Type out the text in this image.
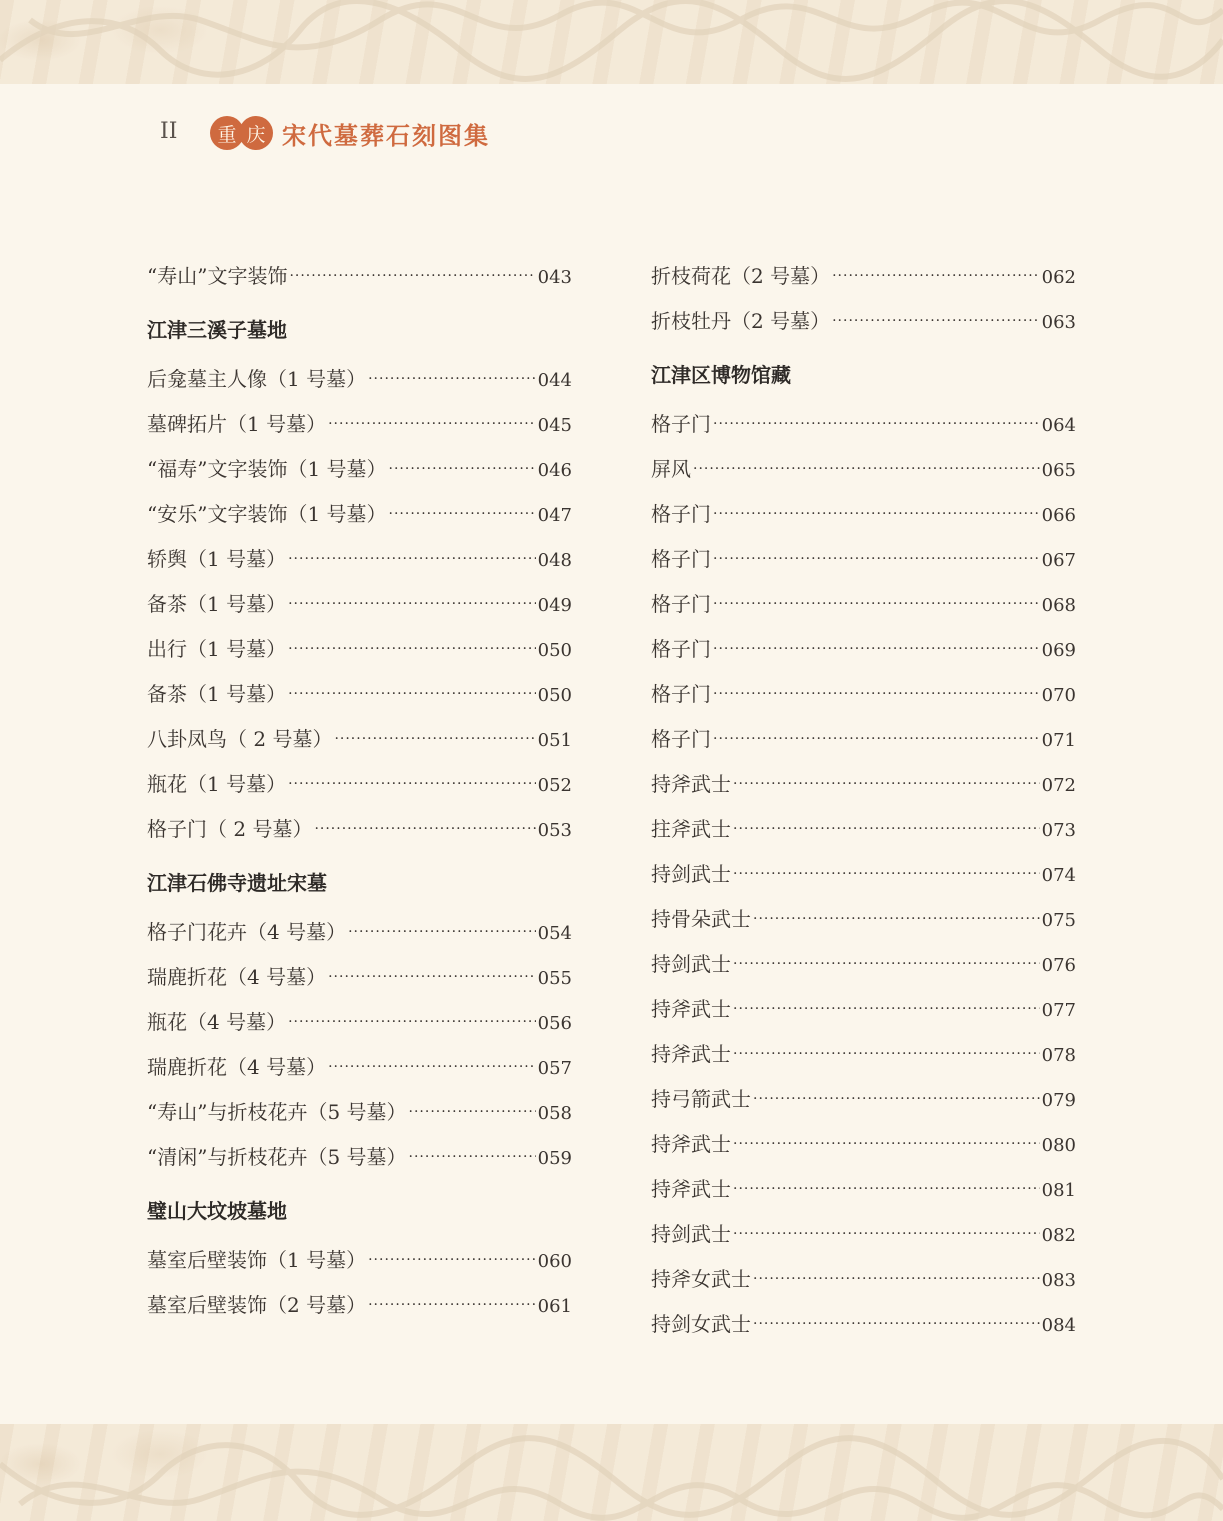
II	重 庆 宋代墓葬石刻图集
“寿山”文字装饰 ·····	043
江津三溪子墓地
后龛墓主人像（1 号墓） ·····	044
墓碑拓片（1 号墓） ·····	045
“福寿”文字装饰（1 号墓） ·····	046
“安乐”文字装饰（1 号墓） ·····	047
轿舆（1 号墓） ·····	048
备茶（1 号墓） ·····	049
出行（1 号墓） ·····	050
备茶（1 号墓） ·····	050
八卦凤鸟（ 2 号墓） ·····	051
瓶花（1 号墓） ·····	052
格子门（ 2 号墓） ·····	053
江津石佛寺遗址宋墓
格子门花卉（4 号墓） ·····	054
瑞鹿折花（4 号墓） ·····	055
瓶花（4 号墓） ·····	056
瑞鹿折花（4 号墓） ·····	057
“寿山”与折枝花卉（5 号墓） ·····	058
“清闲”与折枝花卉（5 号墓） ·····	059
璧山大坟坡墓地
墓室后壁装饰（1 号墓） ·····	060
墓室后壁装饰（2 号墓） ·····	061
折枝荷花（2 号墓） ·····	062
折枝牡丹（2 号墓） ·····	063
江津区博物馆藏
格子门 ·····	064
屏风 ·····	065
格子门 ·····	066
格子门 ·····	067
格子门 ·····	068
格子门 ·····	069
格子门 ·····	070
格子门 ·····	071
持斧武士 ·····	072
拄斧武士 ·····	073
持剑武士 ·····	074
持骨朵武士 ·····	075
持剑武士 ·····	076
持斧武士 ·····	077
持斧武士 ·····	078
持弓箭武士 ·····	079
持斧武士 ·····	080
持斧武士 ·····	081
持剑武士 ·····	082
持斧女武士 ·····	083
持剑女武士 ·····	084
